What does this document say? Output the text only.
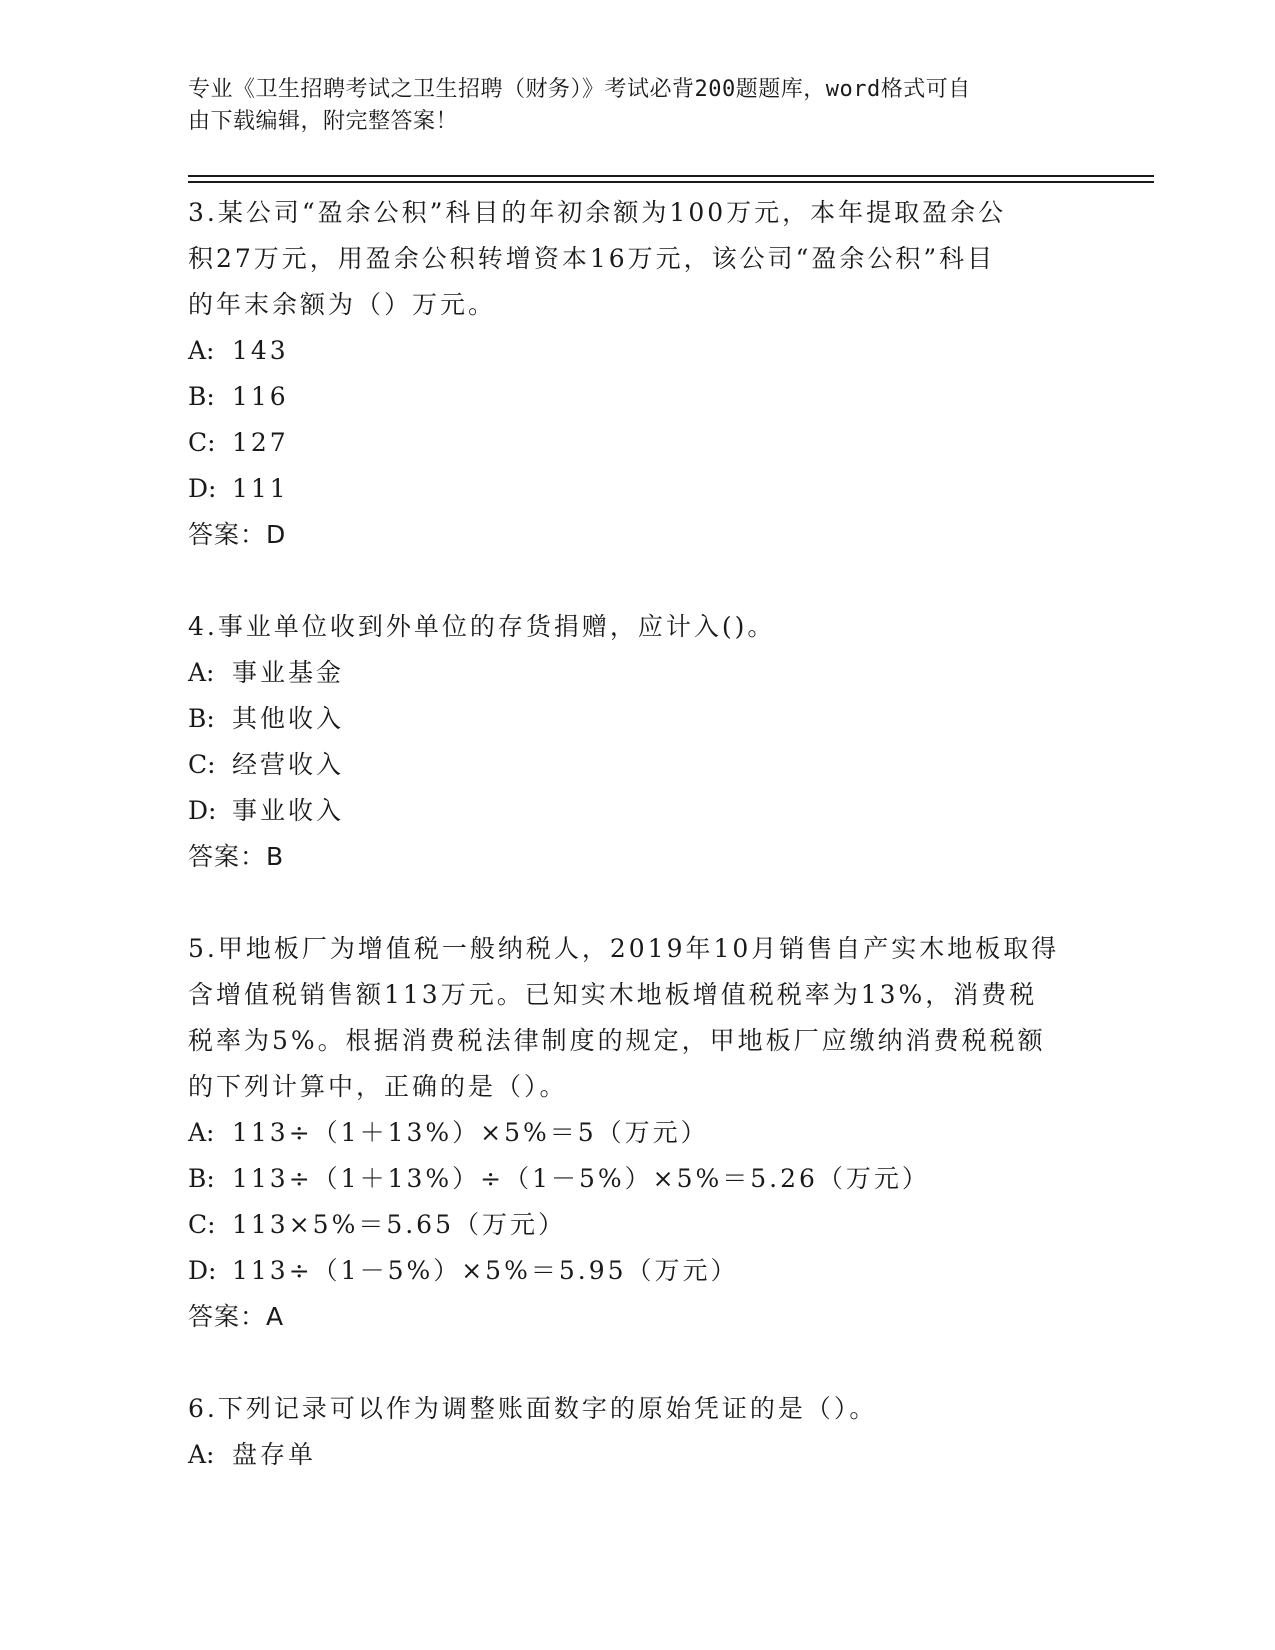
专业《卫生招聘考试之卫生招聘（财务）》考试必背200题题库，word格式可自
由下载编辑，附完整答案！
3.某公司“盈余公积”科目的年初余额为100万元，本年提取盈余公
积27万元，用盈余公积转增资本16万元，该公司“盈余公积”科目
的年末余额为（）万元。
A: 143
B: 116
C: 127
D: 111
答案：D
4.事业单位收到外单位的存货捐赠，应计入()。
A: 事业基金
B: 其他收入
C: 经营收入
D: 事业收入
答案：B
5.甲地板厂为增值税一般纳税人，2019年10月销售自产实木地板取得
含增值税销售额113万元。已知实木地板增值税税率为13%，消费税
税率为5%。根据消费税法律制度的规定，甲地板厂应缴纳消费税税额
的下列计算中，正确的是（）。
A: 113÷（1＋13%）×5%＝5（万元）
B: 113÷（1＋13%）÷（1－5%）×5%＝5.26（万元）
C: 113×5%＝5.65（万元）
D: 113÷（1－5%）×5%＝5.95（万元）
答案：A
6.下列记录可以作为调整账面数字的原始凭证的是（）。
A: 盘存单
